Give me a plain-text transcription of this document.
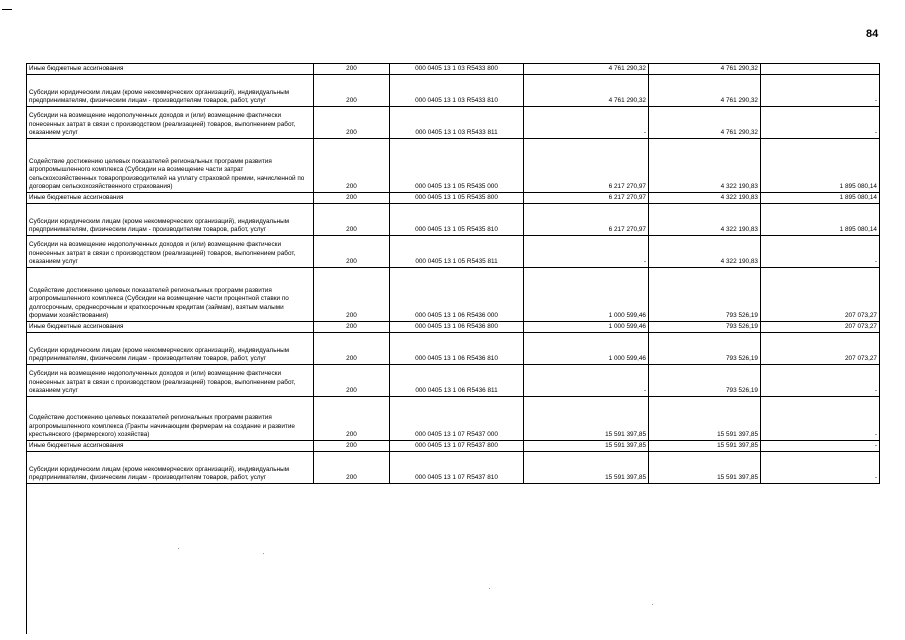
84
Иные бюджетные ассигнования	200	000 0405 13 1 03 R5433 800	4 761 290,32	4 761 290,32	
Субсидии юридическим лицам (кроме некоммерческих организаций), индивидуальным предпринимателям, физическим лицам - производителям товаров, работ, услуг	200	000 0405 13 1 03 R5433 810	4 761 290,32	4 761 290,32	-
Субсидии на возмещение недополученных доходов и (или) возмещение фактически понесенных затрат в связи с производством (реализацией) товаров, выполнением работ, оказанием услуг	200	000 0405 13 1 03 R5433 811	-	4 761 290,32	-
Содействие достижению целевых показателей региональных программ развития агропромышленного комплекса (Субсидии на возмещение части затрат сельскохозяйственных товаропроизводителей на уплату страховой премии, начисленной по договорам сельскохозяйственного страхования)	200	000 0405 13 1 05 R5435 000	6 217 270,97	4 322 190,83	1 895 080,14
Иные бюджетные ассигнования	200	000 0405 13 1 05 R5435 800	6 217 270,97	4 322 190,83	1 895 080,14
Субсидии юридическим лицам (кроме некоммерческих организаций), индивидуальным предпринимателям, физическим лицам - производителям товаров, работ, услуг	200	000 0405 13 1 05 R5435 810	6 217 270,97	4 322 190,83	1 895 080,14
Субсидии на возмещение недополученных доходов и (или) возмещение фактически понесенных затрат в связи с производством (реализацией) товаров, выполнением работ, оказанием услуг	200	000 0405 13 1 05 R5435 811	-	4 322 190,83	-
Содействие достижению целевых показателей региональных программ развития агропромышленного комплекса (Субсидии на возмещение части процентной ставки по долгосрочным, среднесрочным и краткосрочным кредитам (займам), взятым малыми формами хозяйствования)	200	000 0405 13 1 06 R5436 000	1 000 599,46	793 526,19	207 073,27
Иные бюджетные ассигнования	200	000 0405 13 1 06 R5436 800	1 000 599,46	793 526,19	207 073,27
Субсидии юридическим лицам (кроме некоммерческих организаций), индивидуальным предпринимателям, физическим лицам - производителям товаров, работ, услуг	200	000 0405 13 1 06 R5436 810	1 000 599,46	793 526,19	207 073,27
Субсидии на возмещение недополученных доходов и (или) возмещение фактически понесенных затрат в связи с производством (реализацией) товаров, выполнением работ, оказанием услуг	200	000 0405 13 1 06 R5436 811	-	793 526,19	-
Содействие достижению целевых показателей региональных программ развития агропромышленного комплекса (Гранты начинающим фермерам на создание и развитие крестьянского (фермерского) хозяйства)	200	000 0405 13 1 07 R5437 000	15 591 397,85	15 591 397,85	-
Иные бюджетные ассигнования	200	000 0405 13 1 07 R5437 800	15 591 397,85	15 591 397,85	-
Субсидии юридическим лицам (кроме некоммерческих организаций), индивидуальным предпринимателям, физическим лицам - производителям товаров, работ, услуг	200	000 0405 13 1 07 R5437 810	15 591 397,85	15 591 397,85	-
